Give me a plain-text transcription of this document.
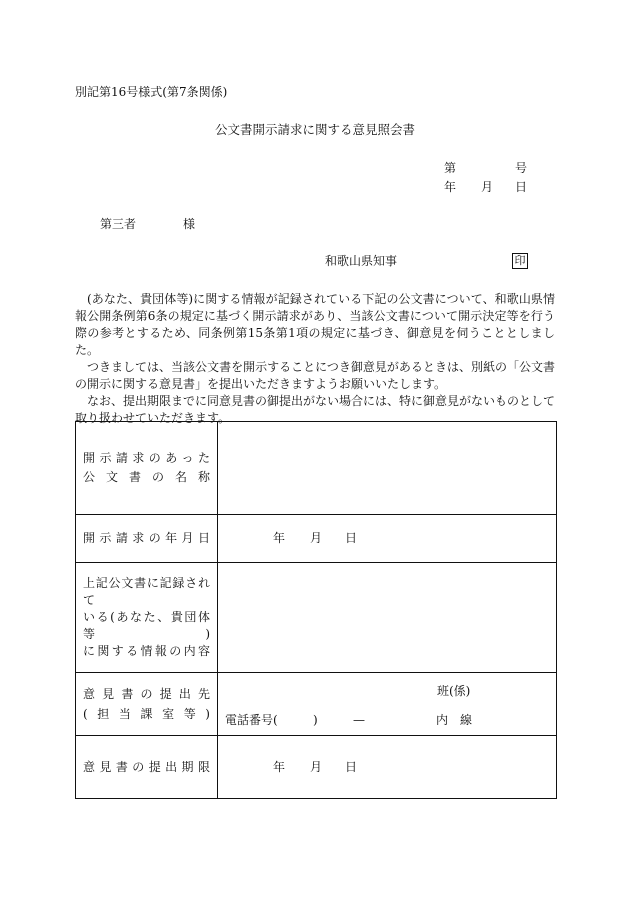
別記第16号様式(第7条関係)
公文書開示請求に関する意見照会書
第	号
年 月 日
第三者	様
和歌山県知事	印

(あなた、貴団体等)に関する情報が記録されている下記の公文書について、和歌山県情報公開条例第6条の規定に基づく開示請求があり、当該公文書について開示決定等を行う際の参考とするため、同条例第15条第1項の規定に基づき、御意見を伺うこととしました。

つきましては、当該公文書を開示することにつき御意見があるときは、別紙の「公文書の開示に関する意見書」を提出いただきますようお願いいたします。

なお、提出期限までに同意見書の御提出がない場合には、特に御意見がないものとして取り扱わせていただきます。

開示請求のあった
公文書の名称	

開示請求の年月日	年 月 日

上記公文書に記録されて
いる(あなた、貴団体等)
に関する情報の内容	

意見書の提出先
(担当課室等)	班(係)
電話番号( ) — 内　線

意見書の提出期限	年 月 日
